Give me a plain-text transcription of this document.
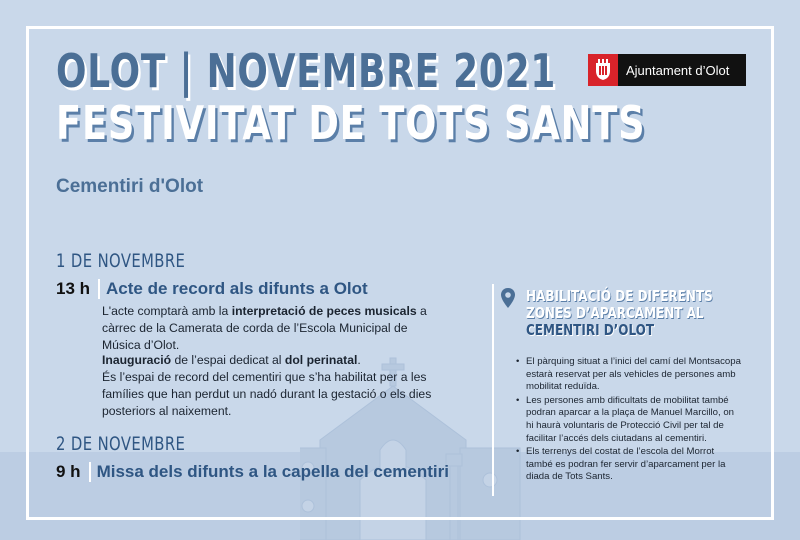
OLOT | NOVEMBRE 2021
FESTIVITAT DE TOTS SANTS
Cementiri d'Olot
Ajuntament d’Olot
1 DE NOVEMBRE
13 h Acte de record als difunts a Olot
L'acte comptarà amb la interpretació de peces musicals a càrrec de la Camerata de corda de l’Escola Municipal de Música d’Olot.
Inauguració de l’espai dedicat al dol perinatal.
És l’espai de record del cementiri que s’ha habilitat per a les famílies que han perdut un nadó durant la gestació o els dies posteriors al naixement.
2 DE NOVEMBRE
9 h Missa dels difunts a la capella del cementiri
HABILITACIÓ DE DIFERENTS
ZONES D’APARCAMENT AL
CEMENTIRI D’OLOT
• El pàrquing situat a l’inici del camí del Montsacopa estarà reservat per als vehicles de persones amb mobilitat reduïda.
• Les persones amb dificultats de mobilitat també podran aparcar a la plaça de Manuel Marcillo, on hi haurà voluntaris de Protecció Civil per tal de facilitar l’accés dels ciutadans al cementiri.
• Els terrenys del costat de l’escola del Morrot també es podran fer servir d’aparcament per la diada de Tots Sants.
